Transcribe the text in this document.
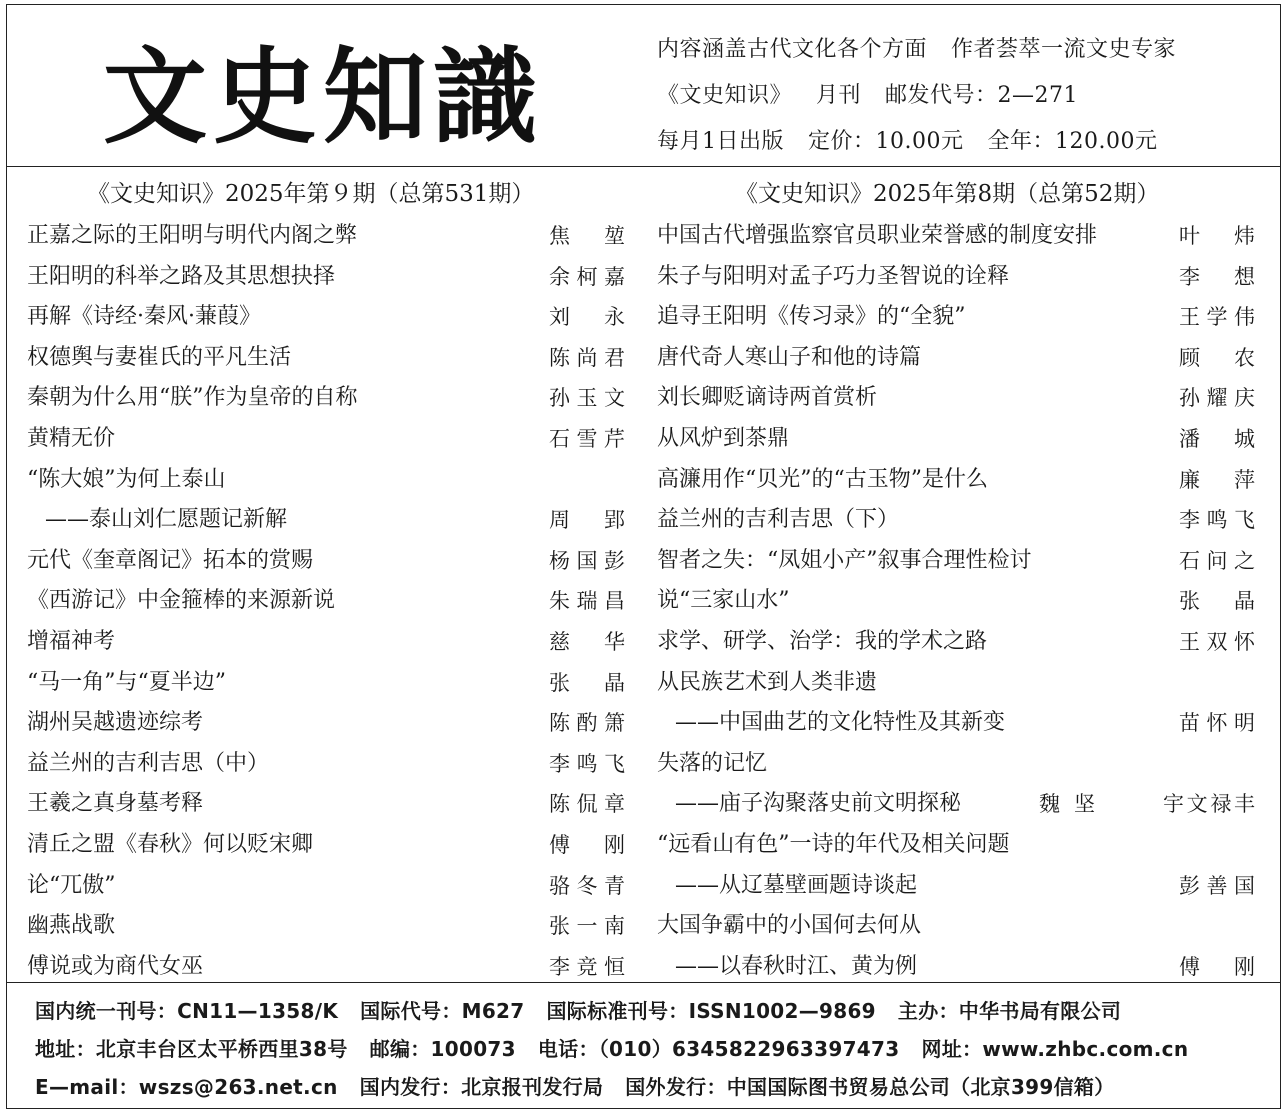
文史知識	内容涵盖古代文化各个方面 作者荟萃一流文史专家
《文史知识》 月刊 邮发代号：2—271
每月1日出版 定价：10.00元 全年：120.00元
《文史知识》2025年第９期（总第531期）
正嘉之际的王阳明与明代内阁之弊	焦堃
王阳明的科举之路及其思想抉择	余柯嘉
再解《诗经·秦风·蒹葭》	刘永
权德舆与妻崔氏的平凡生活	陈尚君
秦朝为什么用“朕”作为皇帝的自称	孙玉文
黄精无价	石雪芹
“陈大娘”为何上泰山
——泰山刘仁愿题记新解	周郢
元代《奎章阁记》拓本的赏赐	杨国彭
《西游记》中金箍棒的来源新说	朱瑞昌
增福神考	慈华
“马一角”与“夏半边”	张晶
湖州吴越遗迹综考	陈酌箫
益兰州的吉利吉思（中）	李鸣飞
王羲之真身墓考释	陈侃章
清丘之盟《春秋》何以贬宋卿	傅刚
论“兀傲”	骆冬青
幽燕战歌	张一南
傅说或为商代女巫	李竞恒
《文史知识》2025年第8期（总第52期）
中国古代增强监察官员职业荣誉感的制度安排	叶炜
朱子与阳明对孟子巧力圣智说的诠释	李想
追寻王阳明《传习录》的“全貌”	王学伟
唐代奇人寒山子和他的诗篇	顾农
刘长卿贬谪诗两首赏析	孙耀庆
从风炉到茶鼎	潘城
高濂用作“贝光”的“古玉物”是什么	廉萍
益兰州的吉利吉思（下）	李鸣飞
智者之失：“凤姐小产”叙事合理性检讨	石问之
说“三家山水”	张晶
求学、研学、治学：我的学术之路	王双怀
从民族艺术到人类非遗
——中国曲艺的文化特性及其新变	苗怀明
失落的记忆
——庙子沟聚落史前文明探秘	魏坚	宇文禄丰
“远看山有色”一诗的年代及相关问题
——从辽墓壁画题诗谈起	彭善国
大国争霸中的小国何去何从
——以春秋时江、黄为例	傅刚
国内统一刊号：CN11—1358/K 国际代号：M627 国际标准刊号：ISSN1002—9869 主办：中华书局有限公司
地址：北京丰台区太平桥西里38号 邮编：100073 电话：（010）6345822963397473 网址：www.zhbc.com.cn
E—mail：wszs@263.net.cn 国内发行：北京报刊发行局 国外发行：中国国际图书贸易总公司（北京399信箱）
